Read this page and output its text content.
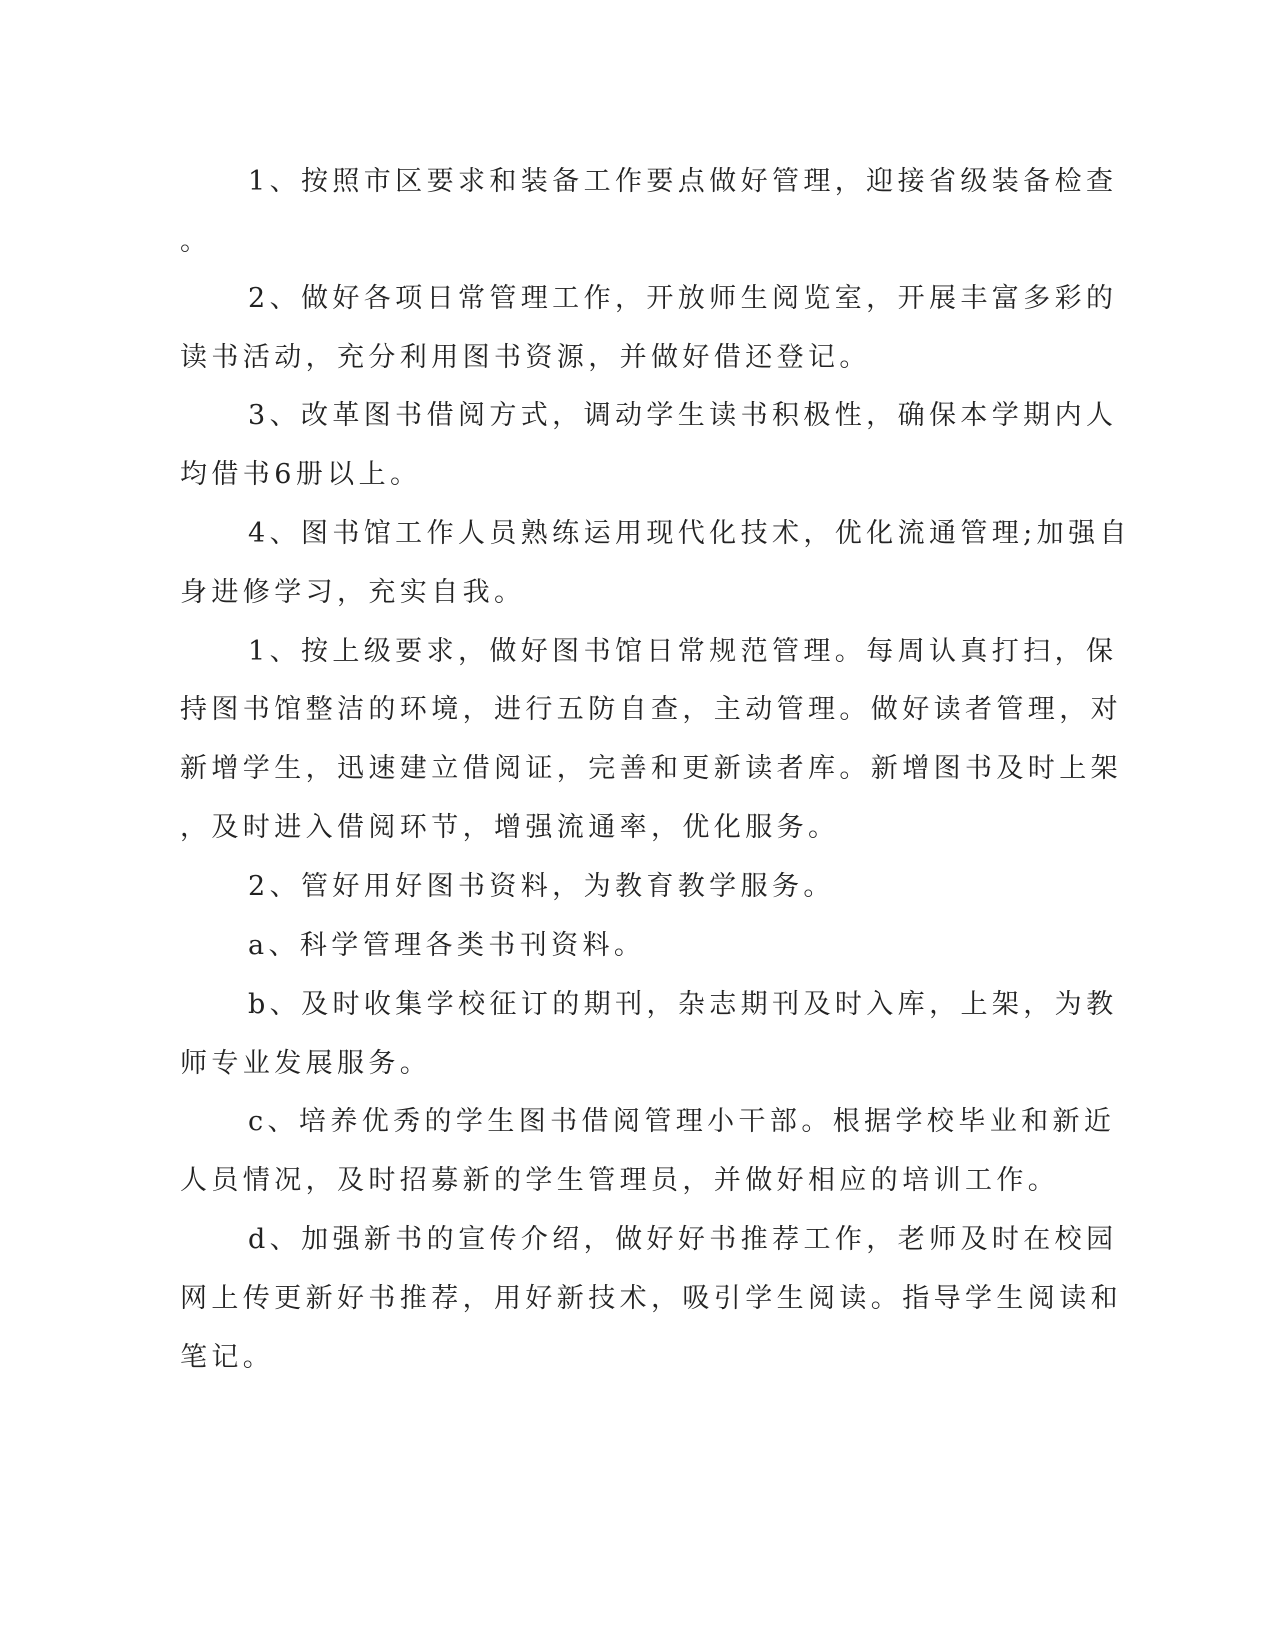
1、按照市区要求和装备工作要点做好管理，迎接省级装备检查

。

2、做好各项日常管理工作，开放师生阅览室，开展丰富多彩的

读书活动，充分利用图书资源，并做好借还登记。

3、改革图书借阅方式，调动学生读书积极性，确保本学期内人

均借书6册以上。

4、图书馆工作人员熟练运用现代化技术，优化流通管理;加强自

身进修学习，充实自我。

1、按上级要求，做好图书馆日常规范管理。每周认真打扫，保

持图书馆整洁的环境，进行五防自查，主动管理。做好读者管理，对

新增学生，迅速建立借阅证，完善和更新读者库。新增图书及时上架

，及时进入借阅环节，增强流通率，优化服务。

2、管好用好图书资料，为教育教学服务。

a、科学管理各类书刊资料。

b、及时收集学校征订的期刊，杂志期刊及时入库，上架，为教

师专业发展服务。

c、培养优秀的学生图书借阅管理小干部。根据学校毕业和新近

人员情况，及时招募新的学生管理员，并做好相应的培训工作。

d、加强新书的宣传介绍，做好好书推荐工作，老师及时在校园

网上传更新好书推荐，用好新技术，吸引学生阅读。指导学生阅读和

笔记。
